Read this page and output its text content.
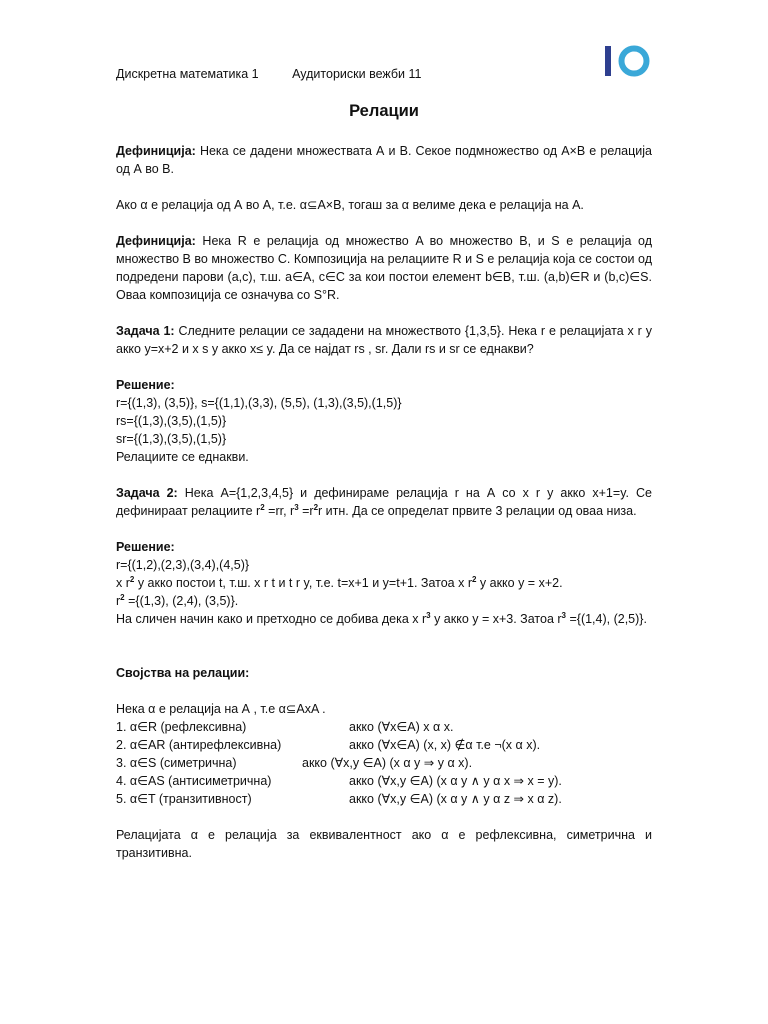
Дискретна математика 1	Аудиториски вежби 11
Релации

Дефиниција: Нека се дадени множествата А и В. Секое подмножество од A×B е релација од А во В.

Ако α е релација од А во А, т.е. α⊆A×B, тогаш за α велиме дека е релација на А.

Дефиниција: Нека R е релација од множество A во множество B, и S е релација од множество В во множество С. Композиција на релациите R и S е релација која се состои од подредени парови (а,с), т.ш. а∈А, с∈С за кои постои елемент b∈B, т.ш. (a,b)∈R и (b,c)∈S. Оваа композиција се означува со S°R.

Задача 1: Следните релации се зададени на множеството {1,3,5}. Нека r е релацијата x r y акко y=x+2 и x s y акко x≤ y. Да се најдат rs , sr. Дали rs и sr се еднакви?

Решение:

r={(1,3), (3,5)}, s={(1,1),(3,3), (5,5), (1,3),(3,5),(1,5)}

rs={(1,3),(3,5),(1,5)}

sr={(1,3),(3,5),(1,5)}

Релациите се еднакви.

Задача 2: Нека A={1,2,3,4,5} и дефинираме релација r на А со x r y акко x+1=y. Се дефинираат релациите $r^2 =rr$, $r^3 =r^2r$ итн. Да се определат првите 3 релации од оваа низа.

Решение:

r={(1,2),(2,3),(3,4),(4,5)}

x $r^2$ y акко постои t, т.ш. x r t и t r y, т.е. t=x+1 и y=t+1. Затоа x $r^2$ y акко y = x+2.

$r^2 =\{(1,3)$, (2,4), (3,5)}.

На сличен начин како и претходно се добива дека x $r^3$ y акко y = x+3. Затоа $r^3 =\{(1,4)$, (2,5)}.

Својства на релации:

Нека α е релација на А , т.е α⊆AxA .

1. α∈R (рефлексивна)	акко (∀x∈A) x α x.
2. α∈AR (антирефлексивна)	акко (∀x∈A) (x, x) ∉α т.е ¬(x α x).
3. α∈S (симетрична)	акко (∀x,y ∈A) (x α y ⇒ y α x).
4. α∈AS (антисиметрична)	акко (∀x,y ∈A) (x α y ∧ y α x ⇒ x = y).
5. α∈T (транзитивност)	акко (∀x,y ∈A) (x α y ∧ y α z ⇒ x α z).

Релацијата α е релација за еквивалентност ако α е рефлексивна, симетрична и транзитивна.
